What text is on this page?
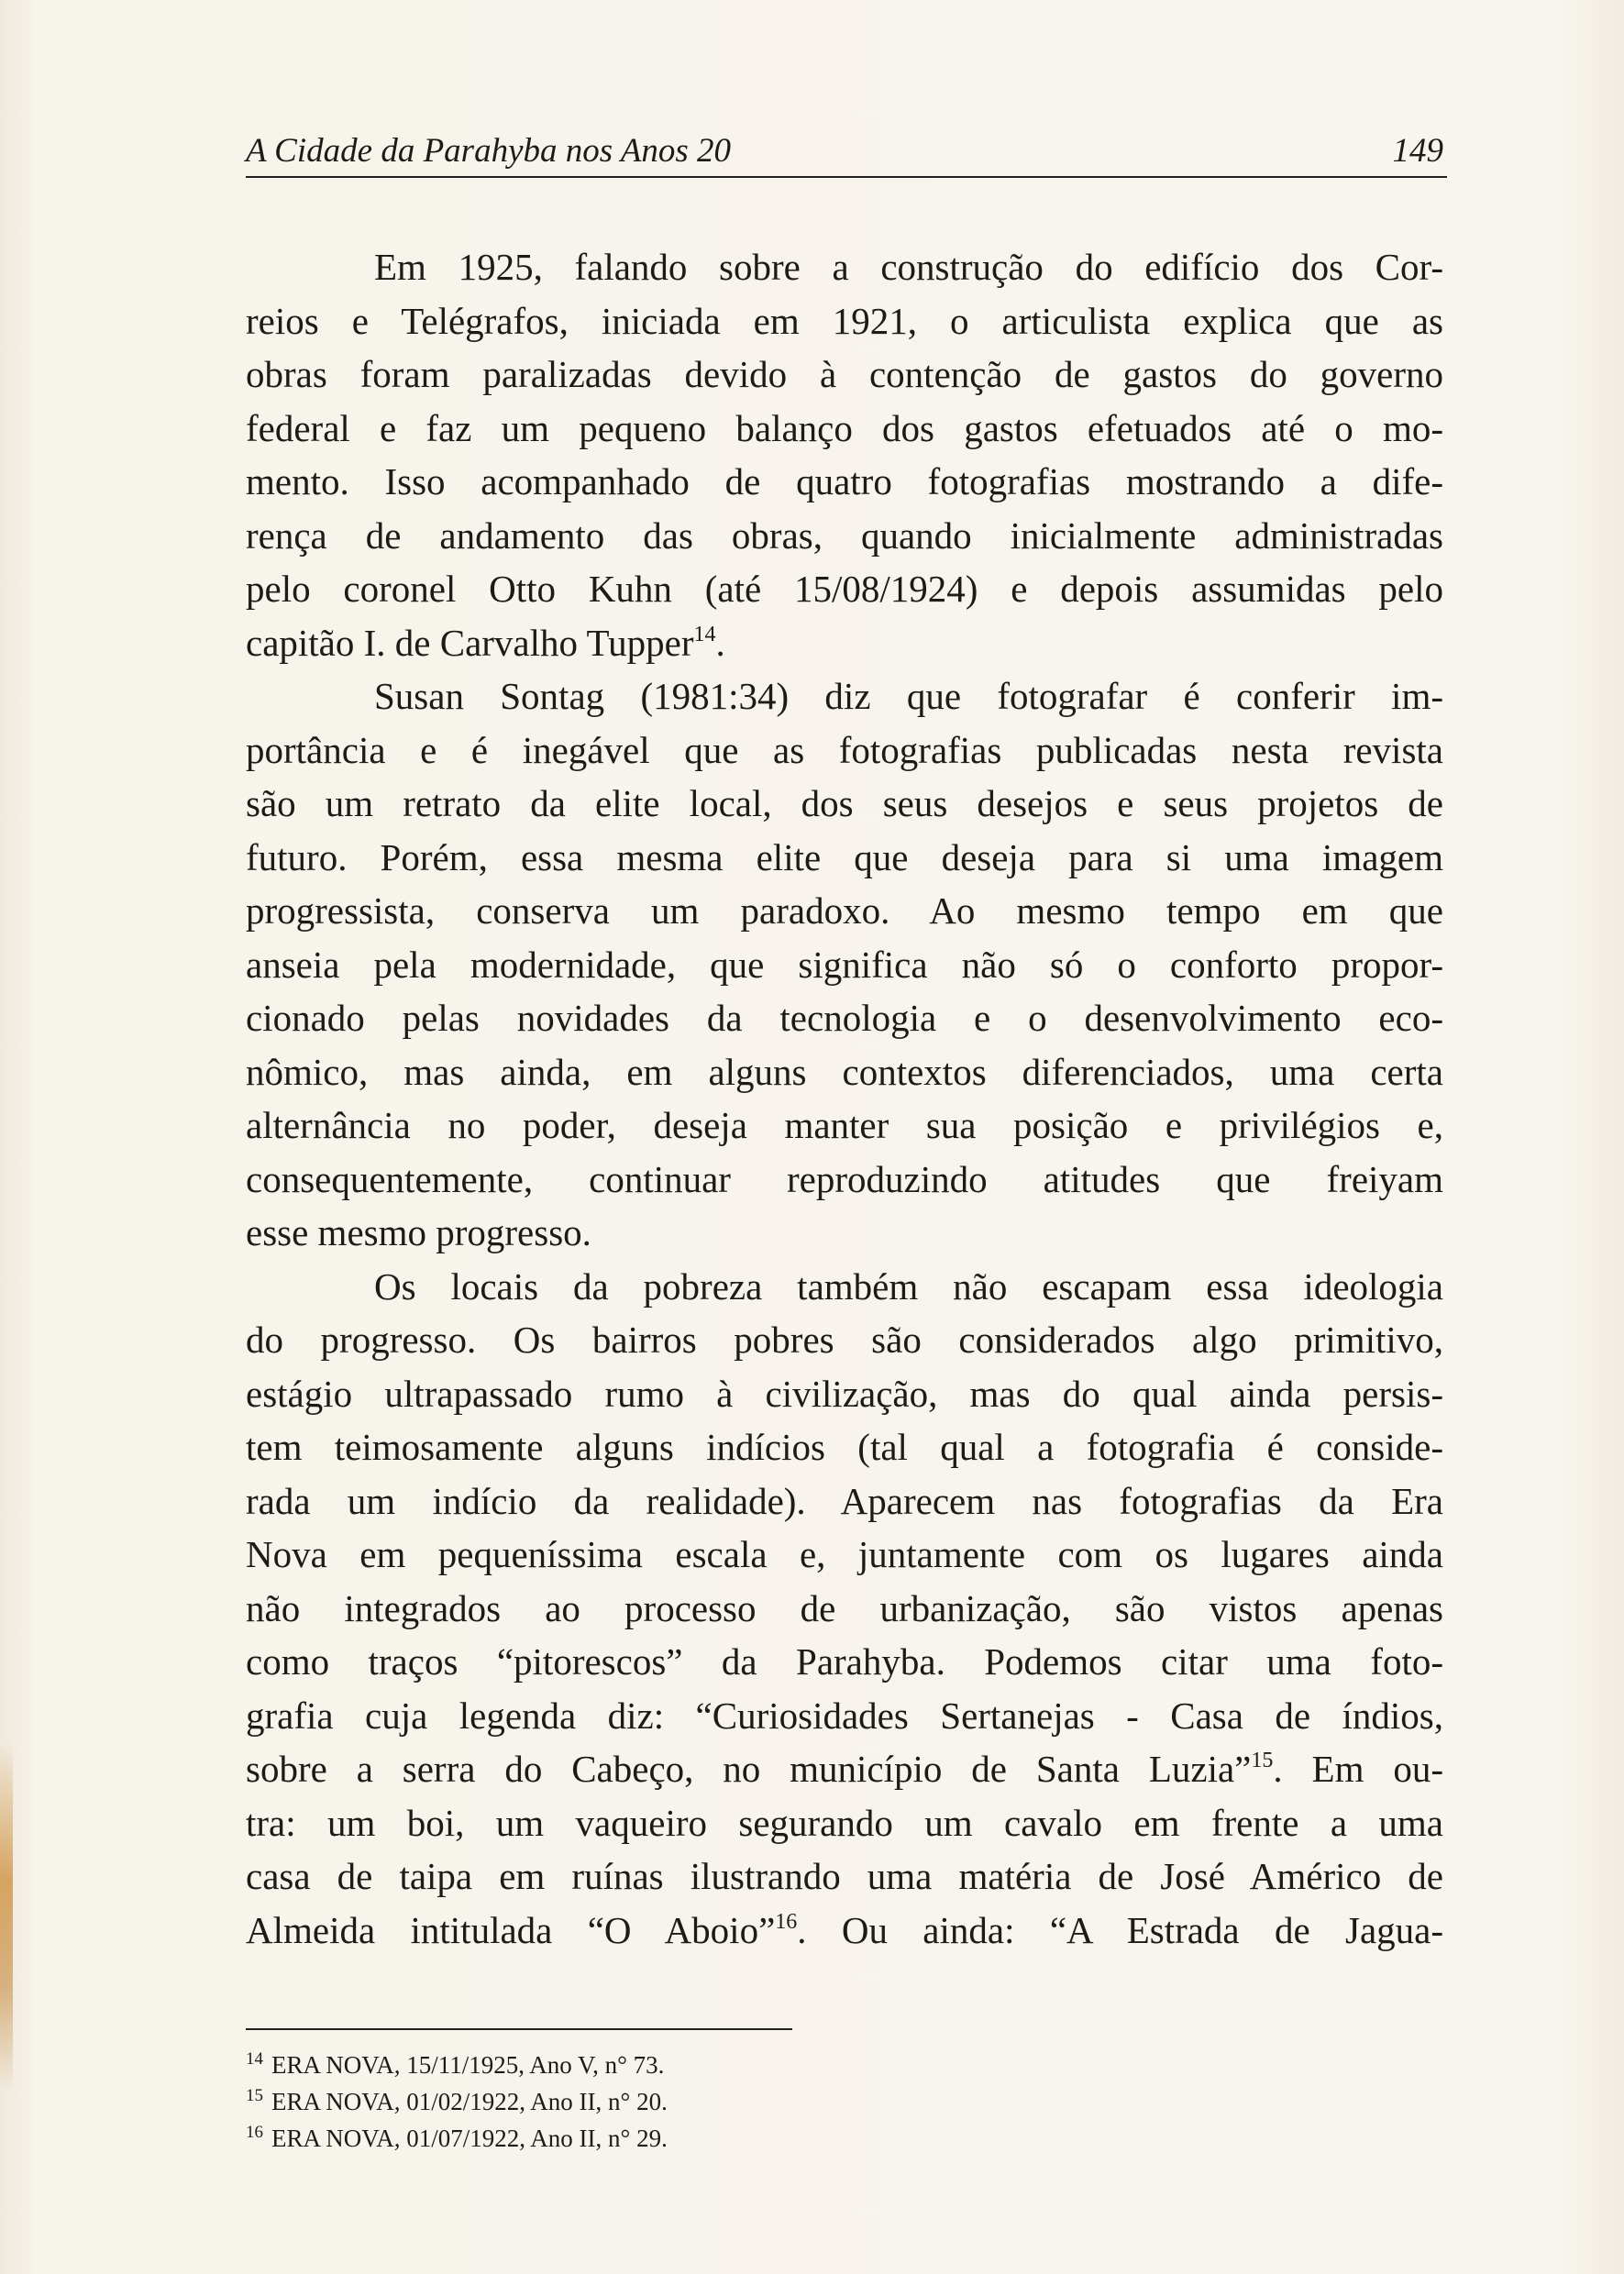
A Cidade da Parahyba nos Anos 20	149
Em 1925, falando sobre a construção do edifício dos Cor-
reios e Telégrafos, iniciada em 1921, o articulista explica que as
obras foram paralizadas devido à contenção de gastos do governo
federal e faz um pequeno balanço dos gastos efetuados até o mo-
mento. Isso acompanhado de quatro fotografias mostrando a dife-
rença de andamento das obras, quando inicialmente administradas
pelo coronel Otto Kuhn (até 15/08/1924) e depois assumidas pelo
capitão I. de Carvalho Tupper$^{14}$.
Susan Sontag (1981:34) diz que fotografar é conferir im-
portância e é inegável que as fotografias publicadas nesta revista
são um retrato da elite local, dos seus desejos e seus projetos de
futuro. Porém, essa mesma elite que deseja para si uma imagem
progressista, conserva um paradoxo. Ao mesmo tempo em que
anseia pela modernidade, que significa não só o conforto propor-
cionado pelas novidades da tecnologia e o desenvolvimento eco-
nômico, mas ainda, em alguns contextos diferenciados, uma certa
alternância no poder, deseja manter sua posição e privilégios e,
consequentemente, continuar reproduzindo atitudes que freiyam
esse mesmo progresso.
Os locais da pobreza também não escapam essa ideologia
do progresso. Os bairros pobres são considerados algo primitivo,
estágio ultrapassado rumo à civilização, mas do qual ainda persis-
tem teimosamente alguns indícios (tal qual a fotografia é conside-
rada um indício da realidade). Aparecem nas fotografias da Era
Nova em pequeníssima escala e, juntamente com os lugares ainda
não integrados ao processo de urbanização, são vistos apenas
como traços “pitorescos” da Parahyba. Podemos citar uma foto-
grafia cuja legenda diz: “Curiosidades Sertanejas - Casa de índios,
sobre a serra do Cabeço, no município de Santa Luzia”$^{15}$. Em ou-
tra: um boi, um vaqueiro segurando um cavalo em frente a uma
casa de taipa em ruínas ilustrando uma matéria de José Américo de
Almeida intitulada “O Aboio”$^{16}$. Ou ainda: “A Estrada de Jagua-
14 ERA NOVA, 15/11/1925, Ano V, n° 73.
15 ERA NOVA, 01/02/1922, Ano II, n° 20.
16 ERA NOVA, 01/07/1922, Ano II, n° 29.
